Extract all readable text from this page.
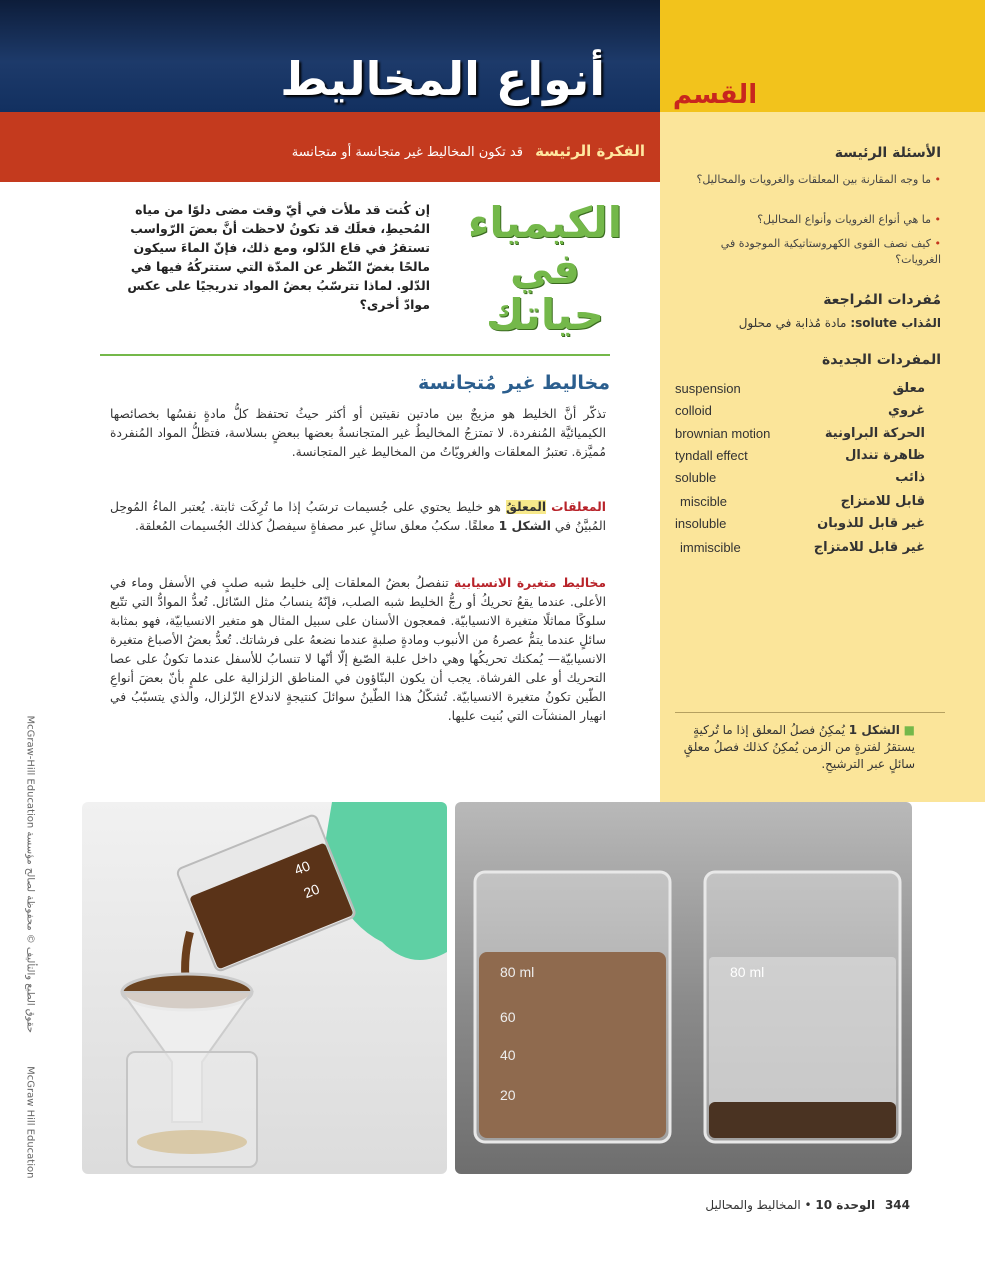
أنواع المخاليط	القسم
الفكرة الرئيسة قد تكون المخاليط غير متجانسة أو متجانسة	الأسئلة الرئيسة
• ما وجه المقارنة بين المعلقات والغرويات والمحاليل؟
• ما هي أنواع الغرويات وأنواع المحاليل؟
• كيف نصف القوى الكهروستاتيكية الموجودة في الغرويات؟
مُفردات المُراجعة
المُذاب solute: مادة مُذابة في محلول
المفردات الجديدة
suspension	معلق
colloid	غروي
brownian motion	الحركة البراونية
tyndall effect	ظاهرة تندال
soluble	ذائب
miscible	قابل للامتزاج
insoluble	غير قابل للذوبان
immiscible	غير قابل للامتزاج
■ الشكل 1 يُمكِنُ فصلُ المعلق إذا ما تُركيةٍ يستقرُ لفترةٍ من الزمن يُمكِنُ كذلك فصلُ معلقٍ سائلٍ عبر الترشيحِ.
الكيمياء
في
حياتك
إن كُنت قد ملأت في أيّ وقت مضى دلوًا من مياه المُحيطِ، فعلَك قد تكونُ لاحظت أنَّ بعضَ الرّواسب تستقرُ في قاع الدّلو، ومع ذلك، فإنّ الماءَ سيكون مالحًا بغضّ النّظر عن المدّة التي ستتركُهُ فيها في الدّلو. لماذا تترسّبُ بعضُ المواد تدريجيًا على عكس موادّ أخرى؟
مخاليط غير مُتجانسة
تذكّر أنَّ الخليط هو مزيجٌ بين مادتين نقيتين أو أكثر حيثُ تحتفظ كلُّ مادةٍ نفسُها بخصائصها الكيميائيَّة المُنفردة. لا تمتزجُ المخاليطُ غير المتجانسةُ بعضها ببعضٍ بسلاسة، فتظلُّ المواد المُنفردة مُميَّزة. تعتبرُ المعلقات والغرويّاتُ من المخاليط غير المتجانسة.
المعلقات المعلقُ هو خليط يحتوي على جُسيمات ترسَبُ إذا ما تُرِكَت ثابتة. يُعتبر الماءُ المُوحِل المُبيَّنُ في الشكل 1 معلقًا. سكبُ معلق سائلٍ عبر مصفاةٍ سيفصلُ كذلك الجُسيمات المُعلقة.
مخاليط متغيرة الانسيابية تنفصلُ بعضُ المعلقات إلى خليط شبه صلبٍ في الأسفل وماء في الأعلى. عندما يقعُ تحريكُ أو رجُّ الخليط شبه الصلب، فإنّهُ ينسابُ مثل السّائل. تُعدُّ الموادُّ التي تتّبع سلوكًا مماثلًا متغيرة الانسيابيّة. فمعجون الأسنان على سبيل المثال هو متغير الانسيابيّة، فهو بمثابة سائلٍ عندما يتمُّ عصرهُ من الأنبوب ومادةٍ صلبةٍ عندما نضعهُ على فرشاتك. تُعدُّ بعضُ الأصباغ متغيرة الانسيابيّة— يُمكنك تحريكُها وهي داخل علبة الصّبغ إلّا أنّها لا تنسابُ للأسفل عندما تكونُ على عصا التحريك أو على الفرشاة. يجب أن يكون البنّاؤون في المناطق الزلزالية على علمٍ بأنّ بعضَ أنواعِ الطّين تكونُ متغيرة الانسيابيّة. تُشكّلُ هذا الطّينُ سوائلَ كنتيجةٍ لاندلاع الزّلزال، والذي يتسبّبُ في انهيار المنشآت التي بُنيت عليها.
McGraw-Hill Education حقوق الطبع والتأليف © محفوظة لصالح مؤسسة McGraw Hill Education
40
20
80 ml
60
40
20
80 ml
344 الوحدة 10 • المخاليط والمحاليل
